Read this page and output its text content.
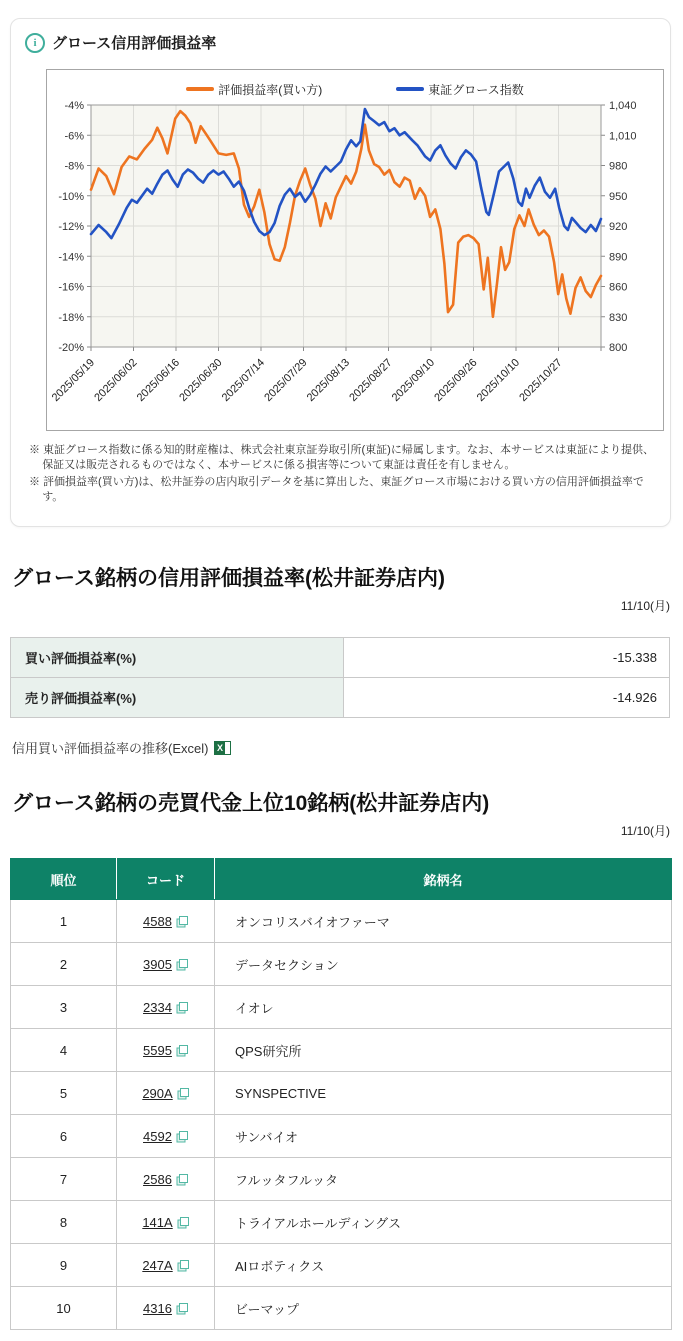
i	グロース信用評価損益率
評価損益率(買い方)	東証グロース指数
-4%	1,040
-6%	1,010
-8%	980
-10%	950
-12%	920
-14%	890
-16%	860
-18%	830
-20%	800
2025/05/19
2025/06/02
2025/06/16
2025/06/30
2025/07/14
2025/07/29
2025/08/13
2025/08/27
2025/09/10
2025/09/26
2025/10/10
2025/10/27

※ 東証グロース指数に係る知的財産権は、株式会社東京証券取引所(東証)に帰属します。なお、本サービスは東証により提供、保証又は販売されるものではなく、本サービスに係る損害等について東証は責任を有しません。

※ 評価損益率(買い方)は、松井証券の店内取引データを基に算出した、東証グロース市場における買い方の信用評価損益率です。

グロース銘柄の信用評価損益率(松井証券店内)
11/10(月)
買い評価損益率(%)	-15.338
売り評価損益率(%)	-14.926
信用買い評価損益率の推移(Excel) X
グロース銘柄の売買代金上位10銘柄(松井証券店内)
11/10(月)
順位	コード	銘柄名
1	4588	オンコリスバイオファーマ
2	3905	データセクション
3	2334	イオレ
4	5595	QPS研究所
5	290A	SYNSPECTIVE
6	4592	サンバイオ
7	2586	フルッタフルッタ
8	141A	トライアルホールディングス
9	247A	AIロボティクス
10	4316	ビーマップ
